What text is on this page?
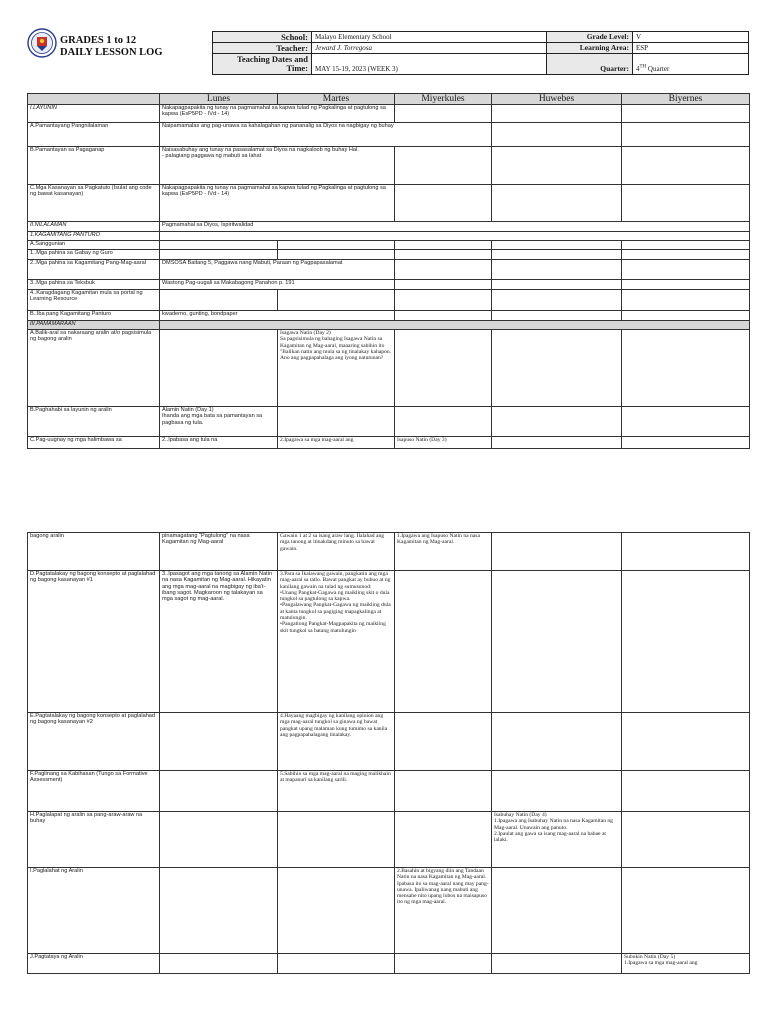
GRADES 1 to 12
DAILY LESSON LOG
School:	Malayo Elementary School	Grade Level:	V
Teacher:	Jeward J. Torregosa	Learning Area:	ESP

Teaching Dates and
Time:	MAY 15-19, 2023 (WEEK 3)	Quarter:	4TH Quarter
	Lunes	Martes	Miyerkules	Huwebes	Biyernes
I.LAYUNIN	Nakapagpapakita ng tunay na pagmamahal sa kapwa tulad ng Pagkalinga at pagtulong sa kapwa (EsP5PD - IVd - 14)				
A.Pamantayang Pangnilalaman	Naipamamalas ang pag-unawa sa kahalagahan ng pananalig sa Diyos na nagbigay ng buhay				
B.Pamantayan sa Pagaganap	Naisasabuhay ang tunay na pasasalamat sa Diyos na nagkaloob ng buhay Hal.
- palagiang paggawa ng mabuti sa lahat				
C.Mga Kasanayan sa Pagkatuto (Isulat ang code ng bawat kasanayan)	Nakapagpapakita ng tunay na pagmamahal sa kapwa tulad ng Pagkalinga at pagtulong sa kapwa (EsP5PD - IVd - 14)				
II.NILALAMAN	Pagmamahal sa Diyos, Ispiritwalidad				
1.KAGAMITANG PANTURO					
A.Sanggunian					
1..Mga pahina sa Gabay ng Guro					
2..Mga pahina sa Kagamitang Pang-Mag-aaral	DMSOSA Baitang 5, Paggawa nang Mabuti, Paraan ng Pagpapasalamat				
3..Mga pahina sa Teksbuk	Wastong Pag-uugali sa Makabagong Panahon p. 191				
4..Karagdagang Kagamitan mula sa portal ng Learning Resource					
B..Iba pang Kagamitang Panturo	kwaderno, gunting, bondpaper				
III.PAMAMARAAN					
A.Balik-aral sa nakaraang aralin at/o pagsisimula ng bagong aralin		Isagawa Natin (Day 2)
Sa pagsisimula ng bahaging Isagawa Natin sa Kagamitan ng Mag-aaral, maaaring sabihin ito "Balikan natin ang mula sa ng tinalakay kahapon. Ano ang pagpapahalaga ang iyong natutunan?			
B.Paghahabi sa layunin ng aralin	Alamin Natin (Day 1)
Ihanda ang mga bata sa pamantayan sa pagbasa ng tula.				
C.Pag-uugnay ng mga halimbawa sa	2..Ipabasa ang tula na	2.Ipagawa sa mga mag-aaral ang	Isapuso Natin (Day 3)		
bagong aralin	pinamagatang "Pagtulong" na nasa Kagamitan ng Mag-aaral	Gawain 1 at 2 sa isang araw lang. Ilalahad ang mga tanong at itinakdang minuto sa bawat gawain.	1.Ipagawa ang Isapuso Natin na nasa Kagamitan ng Mag-aaral.		
D.Pagtatalakay ng bagong konsepto at paglalahad ng bagong kasanayan #1	3..Ipasagot ang mga tanong sa Alamin Natin na nasa Kagamitan ng Mag-aaral. Hikayatin ang mga mag-aaral na magbigay ng iba't-ibang sagot. Magkaroon ng talakayan sa mga sagot ng mag-aaral.	3.Para sa Ikalawang gawain, pangkatin ang mga mag-aaral sa tatlo. Bawat pangkat ay bubuo at ng kanilang gawain na tulad ng sumusunod:
•Unang Pangkat-Gagawa ng maikling skit o dula tungkol sa pagtulong sa kapwa.
•Pangalawang Pangkat-Gagawa ng maikling dula at kanta tungkol sa pagiging mapagkalinga at matulungin.
•Pangatlong Pangkat-Magpapakita ng maikling skit tungkol sa batang matulungin			
E.Pagtatalakay ng bagong konsepto at paglalahad ng bagong kasanayan #2		4.Hayaang magbigay ng kanilang opinion ang mga mag-aaral tungkol sa ginawa ng bawat pangkat upang malaman kung tumimo sa kanila ang pagpapahalagang tinalakay.			
F.Paglinang sa Kabihasan (Tungo sa Formative Assessment)		5.Sabihin sa mga mag-aaral na maging malikhain at mapanuri sa kanilang sarili.			
H.Paglalapat ng aralin sa pang-araw-araw na buhay				Isabuhay Natin (Day 4)
1.Ipagawa ang Isabuhay Natin na nasa Kagamitan ng Mag-aaral. Unawain ang panuto.
2.Ipaulat ang gawa sa isang mag-aaral na babae at lalaki.	
I.Paglalahat ng Aralin			2.Basahin at bigyang diin ang Tandaan Natin na nasa Kagamitan ng Mag-aaral. Ipabasa ito sa mag-aaral nang may pang-unawa. Ipaliwanag nang mabuti ang mensahe nito upang lubos na maisapuso ito ng mga mag-aaral.		
J.Pagtataya ng Aralin					Subukin Natin (Day 5)
1.Ipagawa sa mga mag-aaral ang
